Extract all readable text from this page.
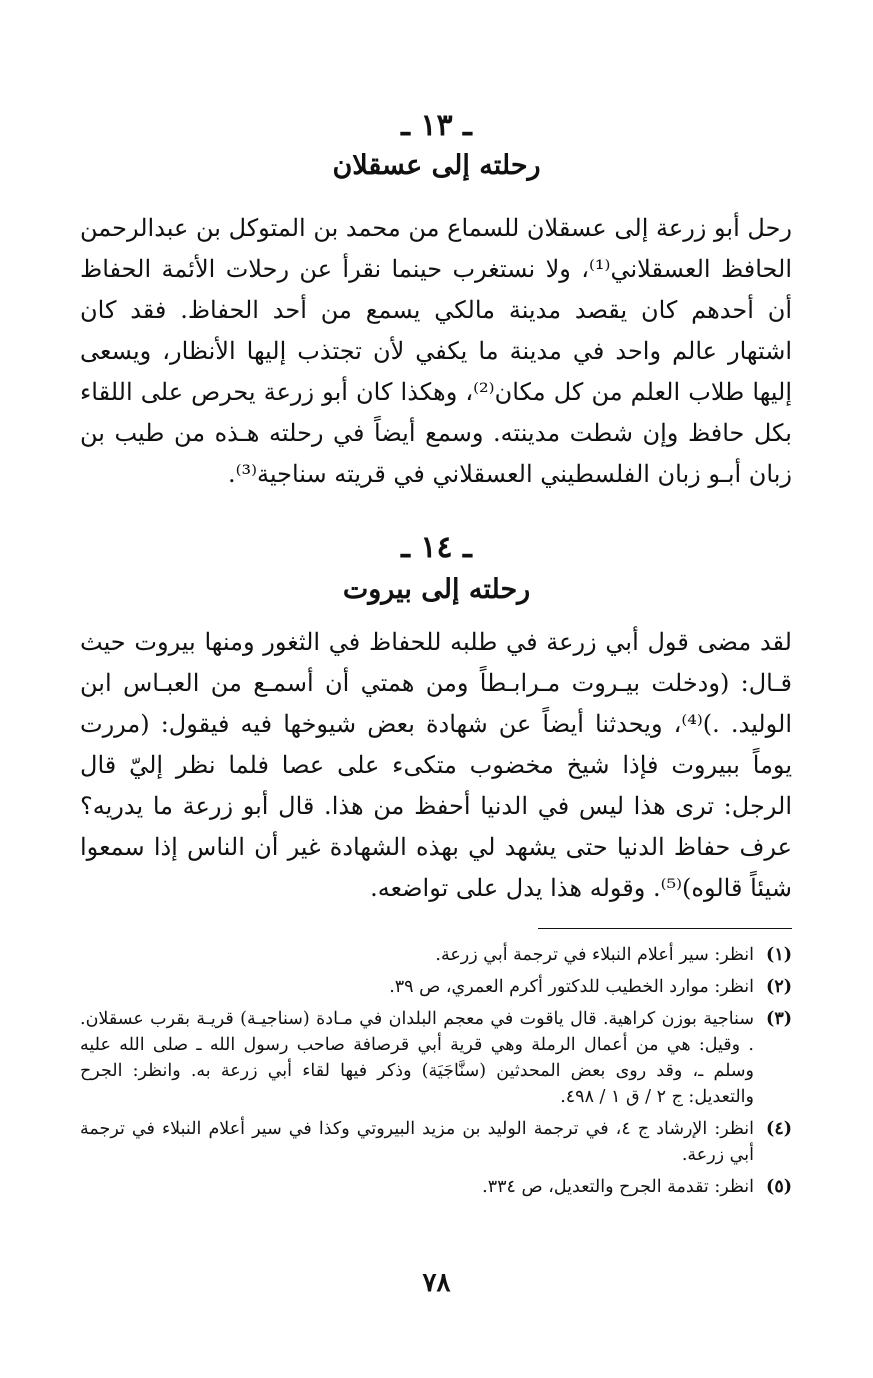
ـ ١٣ ـ
رحلته إلى عسقلان

رحل أبو زرعة إلى عسقلان للسماع من محمد بن المتوكل بن عبدالرحمن الحافظ العسقلاني⁽¹⁾، ولا نستغرب حينما نقرأ عن رحلات الأئمة الحفاظ أن أحدهم كان يقصد مدينة مالكي يسمع من أحد الحفاظ. فقد كان اشتهار عالم واحد في مدينة ما يكفي لأن تجتذب إليها الأنظار، ويسعى إليها طلاب العلم من كل مكان⁽²⁾، وهكذا كان أبو زرعة يحرص على اللقاء بكل حافظ وإن شطت مدينته. وسمع أيضاً في رحلته هـذه من طيب بن زبان أبـو زبان الفلسطيني العسقلاني في قريته سناجية⁽³⁾.

ـ ١٤ ـ
رحلته إلى بيروت

لقد مضى قول أبي زرعة في طلبه للحفاظ في الثغور ومنها بيروت حيث قـال: (ودخلت بيـروت مـرابـطاً ومن همتي أن أسمـع من العبـاس ابن الوليد. .)⁽⁴⁾، ويحدثنا أيضاً عن شهادة بعض شيوخها فيه فيقول: (مررت يوماً ببيروت فإذا شيخ مخضوب متكىء على عصا فلما نظر إليّ قال الرجل: ترى هذا ليس في الدنيا أحفظ من هذا. قال أبو زرعة ما يدريه؟ عرف حفاظ الدنيا حتى يشهد لي بهذه الشهادة غير أن الناس إذا سمعوا شيئاً قالوه)⁽⁵⁾. وقوله هذا يدل على تواضعه.

(١)
انظر: سير أعلام النبلاء في ترجمة أبي زرعة.
(٢)
انظر: موارد الخطيب للدكتور أكرم العمري، ص ٣٩.
(٣)
سناجية بوزن كراهية. قال ياقوت في معجم البلدان في مـادة (سناجيـة) قريـة بقرب عسقلان. . وقيل: هي من أعمال الرملة وهي قرية أبي قرصافة صاحب رسول الله ـ صلى الله عليه وسلم ـ، وقد روى بعض المحدثين (سنَّاجَيَة) وذكر فيها لقاء أبي زرعة به. وانظر: الجرح والتعديل: ج ٢ / ق ١ / ٤٩٨.
(٤)
انظر: الإرشاد ج ٤، في ترجمة الوليد بن مزيد البيروتي وكذا في سير أعلام النبلاء في ترجمة أبي زرعة.
(٥)
انظر: تقدمة الجرح والتعديل، ص ٣٣٤.
٧٨
